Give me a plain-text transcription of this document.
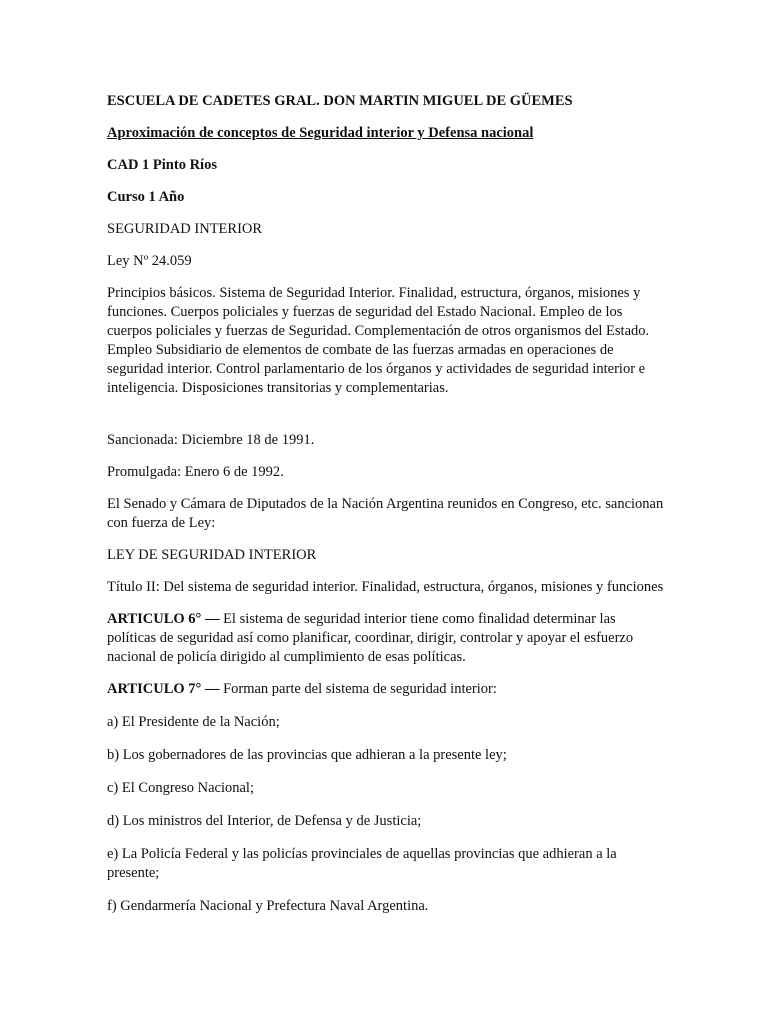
ESCUELA DE CADETES GRAL. DON MARTIN MIGUEL DE GÜEMES

Aproximación de conceptos de Seguridad interior y Defensa nacional

CAD 1 Pinto Ríos

Curso 1 Año

SEGURIDAD INTERIOR

Ley Nº 24.059

Principios básicos. Sistema de Seguridad Interior. Finalidad, estructura, órganos, misiones y funciones. Cuerpos policiales y fuerzas de seguridad del Estado Nacional. Empleo de los cuerpos policiales y fuerzas de Seguridad. Complementación de otros organismos del Estado. Empleo Subsidiario de elementos de combate de las fuerzas armadas en operaciones de seguridad interior. Control parlamentario de los órganos y actividades de seguridad interior e inteligencia. Disposiciones transitorias y complementarias.

Sancionada: Diciembre 18 de 1991.

Promulgada: Enero 6 de 1992.

El Senado y Cámara de Diputados de la Nación Argentina reunidos en Congreso, etc. sancionan con fuerza de Ley:

LEY DE SEGURIDAD INTERIOR

Título II: Del sistema de seguridad interior. Finalidad, estructura, órganos, misiones y funciones

ARTICULO 6° — El sistema de seguridad interior tiene como finalidad determinar las políticas de seguridad así como planificar, coordinar, dirigir, controlar y apoyar el esfuerzo nacional de policía dirigido al cumplimiento de esas políticas.

ARTICULO 7° — Forman parte del sistema de seguridad interior:

a) El Presidente de la Nación;

b) Los gobernadores de las provincias que adhieran a la presente ley;

c) El Congreso Nacional;

d) Los ministros del Interior, de Defensa y de Justicia;

e) La Policía Federal y las policías provinciales de aquellas provincias que adhieran a la presente;

f) Gendarmería Nacional y Prefectura Naval Argentina.
